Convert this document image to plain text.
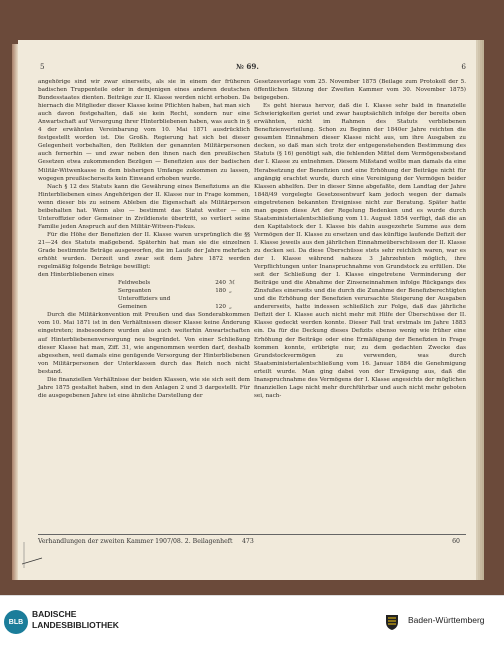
5	№ 69.	6

angehörige sind wir zwar einerseits, als sie in einem der früheren badischen Truppenteile oder in demjenigen eines anderen deutschen Bundesstaates dienten. Beiträge zur II. Klasse werden nicht erhoben. Da hiernach die Mitglieder dieser Klasse keine Pflichten haben, hat man sich auch davon festgehalten, daß sie kein Recht, sondern nur eine Anwartschaft auf Versorgung ihrer Hinterbliebenen haben, was auch in § 4 der erwähnten Vereinbarung vom 10. Mai 1871 ausdrücklich festgestellt worden ist. Die Großh. Regierung hat sich bei dieser Gelegenheit vorbehalten, den Relikten der genannten Militärpersonen auch fernerhin — und zwar neben den ihnen nach den preußischen Gesetzen etwa zukommenden Bezügen — Benefizien aus der badischen Militär-Witwenkasse in dem bisherigen Umfange zukommen zu lassen, wogegen preußischerseits kein Einwand erhoben wurde.

Nach § 12 des Statuts kann die Gewährung eines Benefiziums an die Hinterbliebenen eines Angehörigen der II. Klasse nur in Frage kommen, wenn dieser bis zu seinem Ableben die Eigenschaft als Militärperson beibehalten hat. Wenn also — bestimmt das Statut weiter — ein Unteroffizier oder Gemeiner in Zivildienste übertritt, so verliert seine Familie jeden Anspruch auf den Militär-Witwen-Fiskus.

Für die Höhe der Benefizien der II. Klasse waren ursprünglich die §§ 21—24 des Statuts maßgebend. Späterhin hat man sie die einzelnen Grade bestimmte Beträge ausgeworfen, die im Laufe der Jahre mehrfach erhöht wurden. Derzeit und zwar seit dem Jahre 1872 werden regelmäßig folgende Beträge bewilligt:

den Hinterbliebenen eines

Feldwebels	240 ℳ
Sergeanten	180 „
Unteroffiziers und
Gemeinen	120 „

Durch die Militärkonvention mit Preußen und das Sonderabkommen vom 10. Mai 1871 ist in den Verhältnissen dieser Klasse keine Änderung eingetreten; insbesondere wurden also auch weiterhin Anwartschaften auf Hinterbliebenenversorgung neu begründet. Von einer Schließung dieser Klasse hat man, Ziff. 31, wie angenommen werden darf, deshalb abgesehen, weil damals eine genügende Versorgung der Hinterbliebenen von Militärpersonen der Unterklassen durch das Reich noch nicht bestand.

Die finanziellen Verhältnisse der beiden Klassen, wie sie sich seit dem Jahre 1875 gestaltet haben, sind in den Anlagen 2 und 3 dargestellt. Für die ausgegebenen Jahre ist eine ähnliche Darstellung der

Gesetzesvorlage vom 25. November 1875 (Beilage zum Protokoll der 5. öffentlichen Sitzung der Zweiten Kammer vom 30. November 1875) beigegeben.

Es geht hieraus hervor, daß die I. Klasse sehr bald in finanzielle Schwierigkeiten geriet und zwar hauptsächlich infolge der bereits oben erwähnten, nicht im Rahmen des Statuts verbliebenen Benefizienverteilung. Schon zu Beginn der 1840er Jahre reichten die gesamten Einnahmen dieser Klasse nicht aus, um ihre Ausgaben zu decken, so daß man sich trotz der entgegenstehenden Bestimmung des Statuts (§ 16) genötigt sah, die fehlenden Mittel dem Vermögensbestand der I. Klasse zu entnehmen. Diesem Mißstand wollte man damals da eine Herabsetzung der Benefizien und eine Erhöhung der Beiträge nicht für angängig erachtet wurde, durch eine Vereinigung der Vermögen beider Klassen abhelfen. Der in dieser Sinne abgefaßte, dem Landtag der Jahre 1848/49 vorgelegte Gesetzesentwurf kam jedoch wegen der damals eingetretenen bekannten Ereignisse nicht zur Beratung. Später hatte man gegen diese Art der Regelung Bedenken und es wurde durch Staatsministerialentschließung vom 11. August 1854 verfügt, daß die an den Kapitalstock der I. Klasse bis dahin ausgezehrte Summe aus dem Vermögen der II. Klasse zu ersetzen und das künftige laufende Defizit der I. Klasse jeweils aus den jährlichen Einnahmeüberschüssen der II. Klasse zu decken sei. Da diese Überschüsse stets sehr reichlich waren, war es der I. Klasse während nahezu 3 Jahrzehnten möglich, ihre Verpflichtungen unter Inanspruchnahme von Grundstock zu erfüllen. Die seit der Schließung der I. Klasse eingetretene Verminderung der Beiträge und die Abnahme der Zinseneinnahmen infolge Rückgangs des Zinsfußes einerseits und die durch die Zunahme der Benefizberechtigten und die Erhöhung der Benefizien verursachte Steigerung der Ausgaben andererseits, hatte indessen schließlich zur Folge, daß das jährliche Defizit der I. Klasse auch nicht mehr mit Hilfe der Überschüsse der II. Klasse gedeckt werden konnte. Dieser Fall trat erstmals im Jahre 1883 ein. Da für die Deckung dieses Defizits ebenso wenig wie früher eine Erhöhung der Beiträge oder eine Ermäßigung der Benefizien in Frage kommen konnte, erübrigte nur, zu dem gedachten Zwecke das Grundstockvermögen zu verwenden, was durch Staatsministerialentschließung vom 16. Januar 1884 die Genehmigung erteilt wurde. Man ging dabei von der Erwägung aus, daß die Inanspruchnahme des Vermögens der I. Klasse angesichts der möglichen finanziellen Lage nicht mehr durchführbar und auch nicht mehr geboten sei, nach-

Verhandlungen der zweiten Kammer 1907/08. 2. Beilagenheft 473	60
BLB
BADISCHE
LANDESBIBLIOTHEK	Baden-Württemberg
